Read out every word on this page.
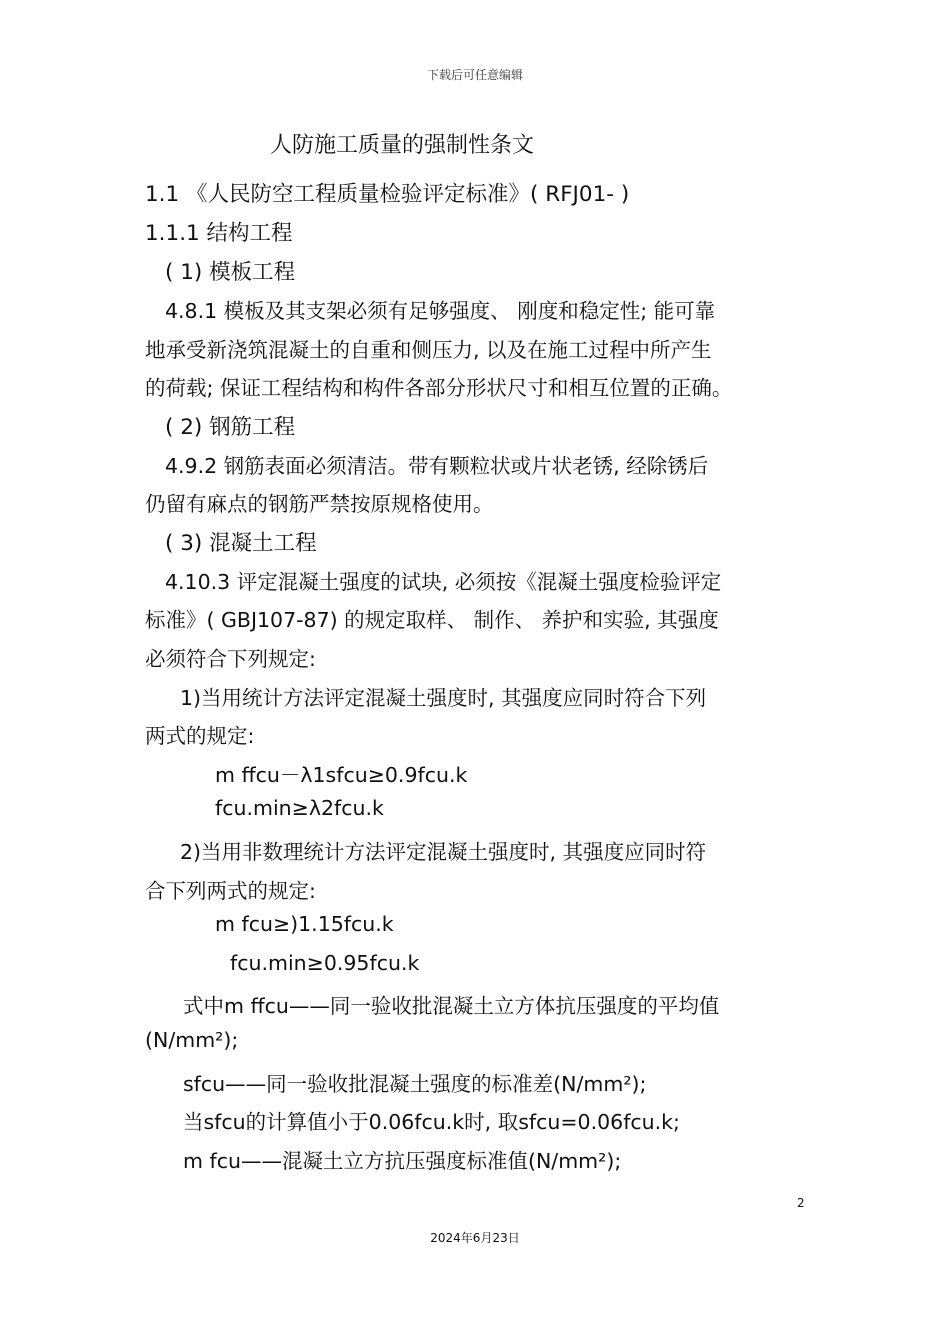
下载后可任意编辑
人防施工质量的强制性条文
1.1 《人民防空工程质量检验评定标准》( RFJ01- )
1.1.1 结构工程
( 1) 模板工程
4.8.1 模板及其支架必须有足够强度、 刚度和稳定性; 能可靠
地承受新浇筑混凝土的自重和侧压力, 以及在施工过程中所产生
的荷载; 保证工程结构和构件各部分形状尺寸和相互位置的正确。
( 2) 钢筋工程
4.9.2 钢筋表面必须清洁。带有颗粒状或片状老锈, 经除锈后
仍留有麻点的钢筋严禁按原规格使用。
( 3) 混凝土工程
4.10.3 评定混凝土强度的试块, 必须按《混凝土强度检验评定
标准》( GBJ107-87) 的规定取样、 制作、 养护和实验, 其强度
必须符合下列规定:
1)当用统计方法评定混凝土强度时, 其强度应同时符合下列
两式的规定:
m ffcu－λ1sfcu≥0.9fcu.k
fcu.min≥λ2fcu.k
2)当用非数理统计方法评定混凝土强度时, 其强度应同时符
合下列两式的规定:
m fcu≥)1.15fcu.k
fcu.min≥0.95fcu.k
式中m ffcu——同一验收批混凝土立方体抗压强度的平均值
(N/mm²);
sfcu——同一验收批混凝土强度的标准差(N/mm²);
当sfcu的计算值小于0.06fcu.k时, 取sfcu=0.06fcu.k;
m fcu——混凝土立方抗压强度标准值(N/mm²);
2
2024年6月23日
